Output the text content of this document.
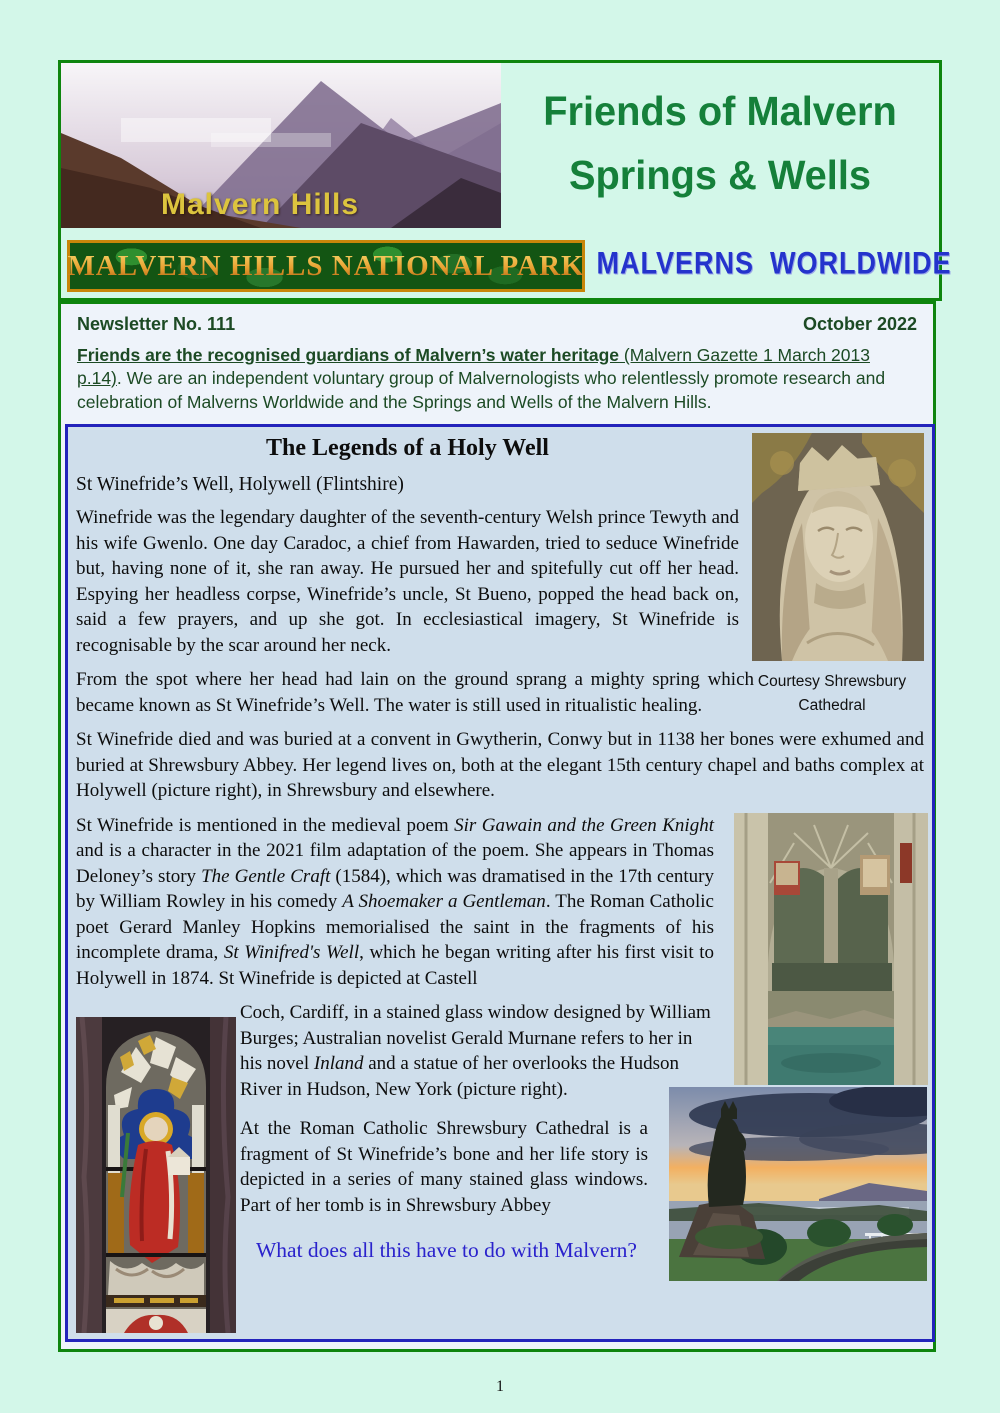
Malvern Hills
Friends of Malvern
Springs & Wells
MALVERN HILLS NATIONAL PARK MALVERNS WORLDWIDE
Newsletter No. 111	October 2022
Friends are the recognised guardians of Malvern’s water heritage (Malvern Gazette 1 March 2013 p.14). We are an independent voluntary group of Malvernologists who relentlessly promote research and celebration of Malverns Worldwide and the Springs and Wells of the Malvern Hills.
The Legends of a Holy Well
St Winefride’s Well, Holywell (Flintshire)

Winefride was the legendary daughter of the seventh-century Welsh prince Tewyth and his wife Gwenlo. One day Caradoc, a chief from Hawarden, tried to seduce Winefride but, having none of it, she ran away. He pursued her and spitefully cut off her head. Espying her headless corpse, Winefride’s uncle, St Bueno, popped the head back on, said a few prayers, and up she got. In ecclesiastical imagery, St Winefride is recognisable by the scar around her neck.

From the spot where her head had lain on the ground sprang a mighty spring which became known as St Winefride’s Well. The water is still used in ritualistic healing.

St Winefride died and was buried at a convent in Gwytherin, Conwy but in 1138 her bones were exhumed and buried at Shrewsbury Abbey. Her legend lives on, both at the elegant 15th century chapel and baths complex at Holywell (picture right), in Shrewsbury and elsewhere.

St Winefride is mentioned in the medieval poem Sir Gawain and the Green Knight and is a character in the 2021 film adaptation of the poem. She appears in Thomas Deloney’s story The Gentle Craft (1584), which was dramatised in the 17th century by William Rowley in his comedy A Shoemaker a Gentleman. The Roman Catholic poet Gerard Manley Hopkins memorialised the saint in the fragments of his incomplete drama, St Winifred's Well, which he began writing after his first visit to Holywell in 1874. St Winefride is depicted at Castell

Coch, Cardiff, in a stained glass window designed by William Burges; Australian novelist Gerald Murnane refers to her in his novel Inland and a statue of her overlooks the Hudson River in Hudson, New York (picture right).

At the Roman Catholic Shrewsbury Cathedral is a fragment of St Winefride’s bone and her life story is depicted in a series of many stained glass windows. Part of her tomb is in Shrewsbury Abbey

What does all this have to do with Malvern?
Courtesy Shrewsbury
Cathedral
1
